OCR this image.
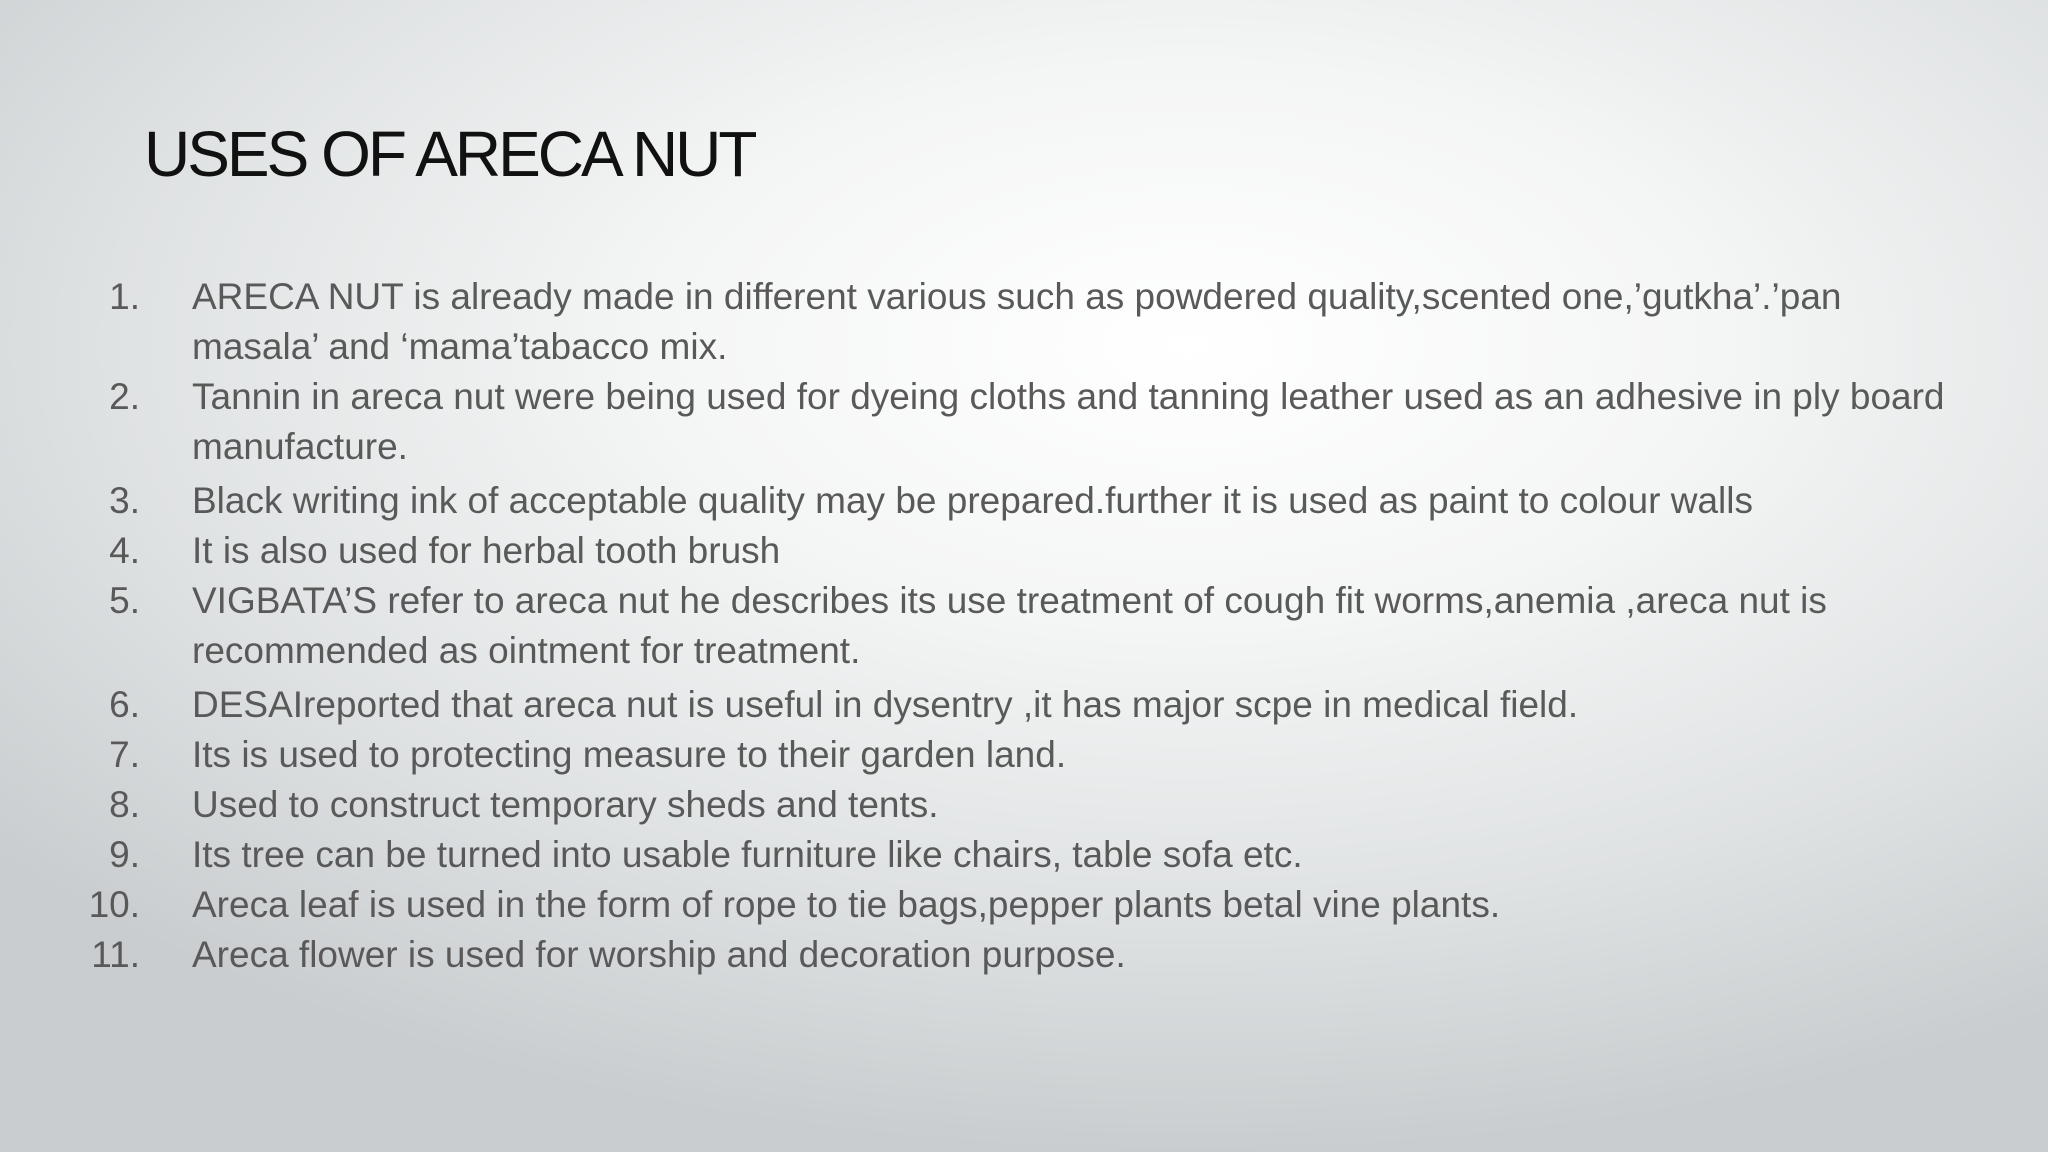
USES OF ARECA NUT
1. ARECA NUT is already made in different various such as powdered quality,scented one,’gutkha’.’pan masala’ and ‘mama’tabacco mix.
2. Tannin in areca nut were being used for dyeing cloths and tanning leather used as an adhesive in ply board manufacture.
3. Black writing ink of acceptable quality may be prepared.further it is used as paint to colour walls
4. It is also used for herbal tooth brush
5. VIGBATA’S refer to areca nut he describes its use treatment of cough fit worms,anemia ,areca nut is recommended as ointment for treatment.
6. DESAIreported that areca nut is useful in dysentry ,it has major scpe in medical field.
7. Its is used to protecting measure to their garden land.
8. Used to construct temporary sheds and tents.
9. Its tree can be turned into usable furniture like chairs, table sofa etc.
10. Areca leaf is used in the form of rope to tie bags,pepper plants betal vine plants.
11. Areca flower is used for worship and decoration purpose.
